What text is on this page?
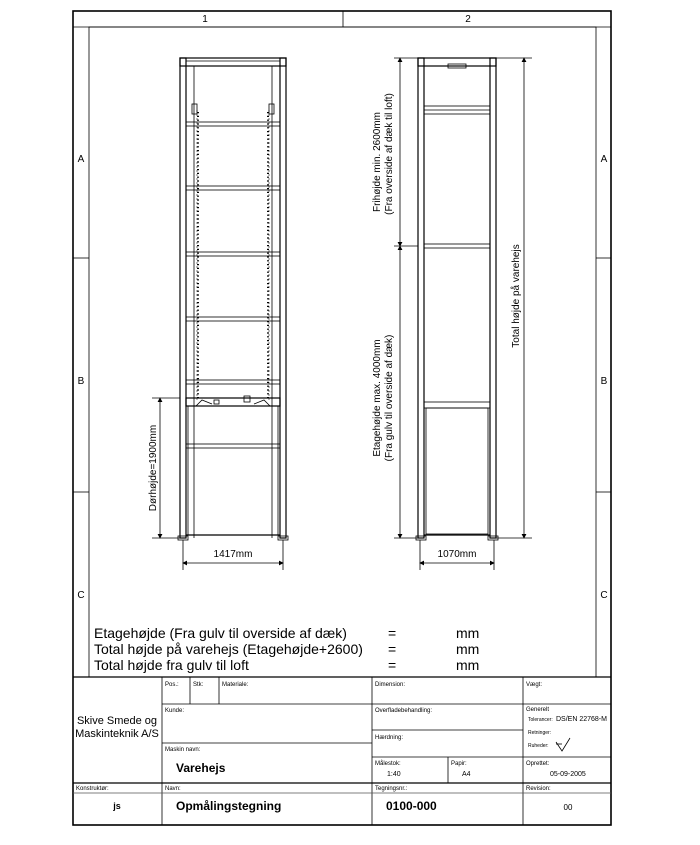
1	2
A
B
C
A
B
C
Dørhøjde=1900mm
1417mm
Frihøjde min. 2600mm (Fra overside af dæk til loft)
Etagehøjde max. 4000mm (Fra gulv til overside af dæk)
Total højde på varehejs
1070mm
Etagehøjde (Fra gulv til overside af dæk)	=	mm
Total højde på varehejs (Etagehøjde+2600) =	mm
Total højde fra gulv til loft	=	mm
Skive Smede og
Maskinteknik A/S
Pos.: Stk:	Materiale:	Dimension:	Vægt:
Kunde:	Overfladebehandling:	Generelt
Tolerancer: DS/EN 22768-M
Retninger:
Ruheder:
Hærdning:
Maskin navn:
Varehejs	Målestok:
1:40
Papir:
A4
Oprettet:
05-09-2005
Konstruktør:
js
Navn:
Opmålingstegning
Tegningsnr.:
0100-000
Revision:
00
